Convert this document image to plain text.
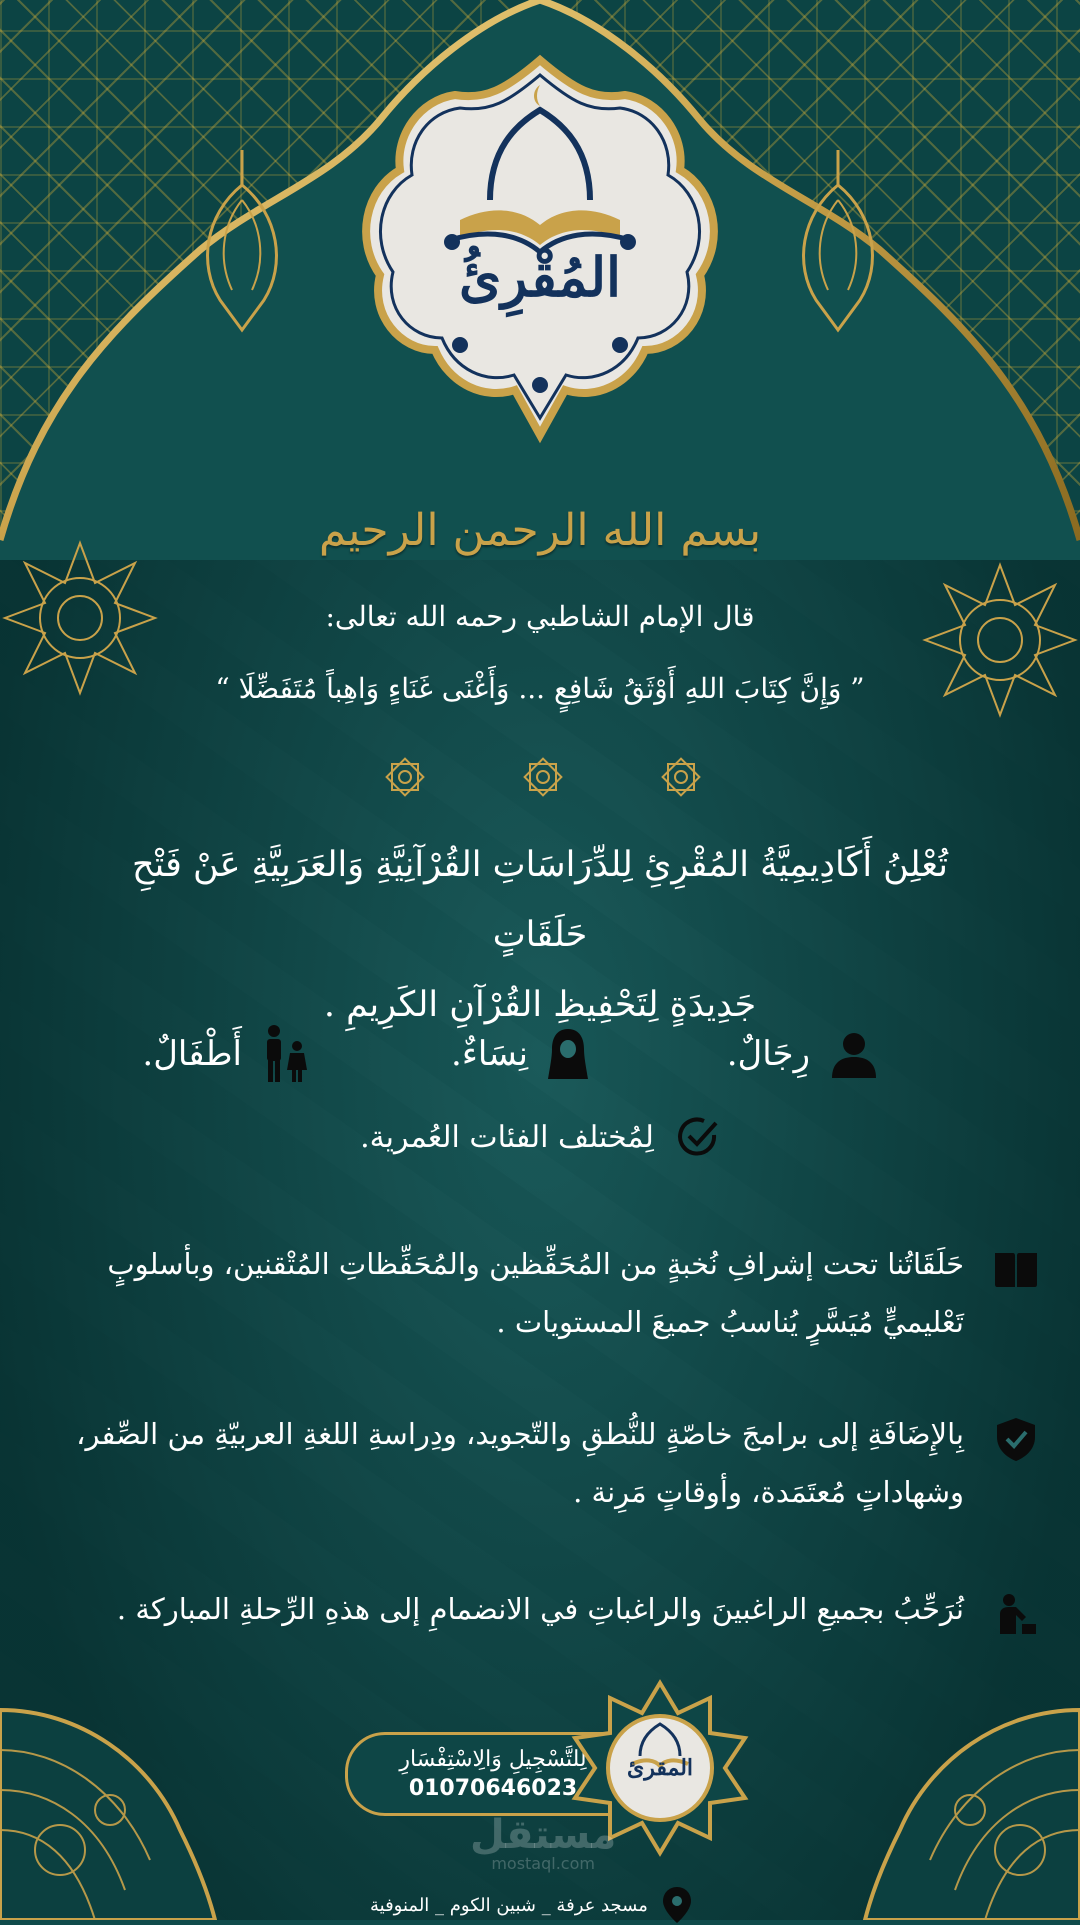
المُقْرِئُ
بسم الله الرحمن الرحيم
قال الإمام الشاطبي رحمه الله تعالى:
” وَإِنَّ كِتَابَ اللهِ أَوْثَقُ شَافِعٍ ... وَأَغْنَى غَنَاءٍ وَاهِباً مُتَفَضِّلَا “
تُعْلِنُ أَكَادِيمِيَّةُ المُقْرِئِ لِلدِّرَاسَاتِ القُرْآنِيَّةِ وَالعَرَبِيَّةِ عَنْ فَتْحِ حَلَقَاتٍ
جَدِيدَةٍ لِتَحْفِيظِ القُرْآنِ الكَرِيمِ .
رِجَالٌ.
نِسَاءٌ.
أَطْفَالٌ.
لِمُختلف الفئات العُمرية.
حَلَقَاتُنا تحت إشرافِ نُخبةٍ من المُحَفِّظين والمُحَفِّظاتِ المُتْقنين، وبأسلوبٍ
تَعْليميٍّ مُيَسَّرٍ يُناسبُ جميعَ المستويات .
بِالإِضَافَةِ إلى برامجَ خاصّةٍ للنُّطقِ والتّجويد، ودِراسةِ اللغةِ العربيّةِ من الصِّفر،
وشهاداتٍ مُعتَمَدة، وأوقاتٍ مَرِنة .
نُرَحِّبُ بجميعِ الراغبينَ والراغباتِ في الانضمامِ إلى هذهِ الرِّحلةِ المباركة .
لِلتَّسْجِيلِ وَالِاسْتِفْسَارِ
01070646023
المقرئ
مستقل
mostaql.com
مسجد عرفة _ شبين الكوم _ المنوفية
